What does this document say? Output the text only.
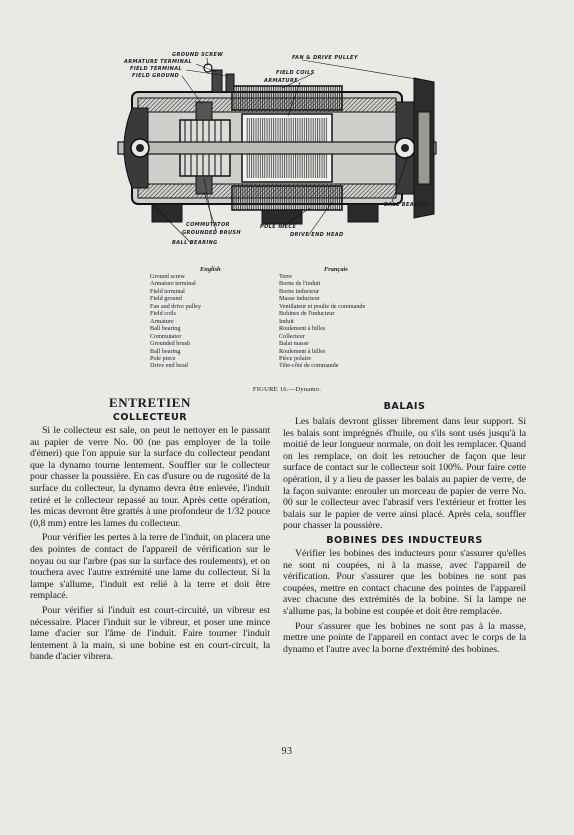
GROUND SCREW
ARMATURE TERMINAL
FIELD TERMINAL
FIELD GROUND
FAN & DRIVE PULLEY
FIELD COILS
ARMATURE
BALL BEARING
COMMUTATOR
GROUNDED BRUSH
BALL BEARING
POLE PIECE
DRIVE END HEAD
English	Français
Ground screw
Armature terminal
Field terminal
Field ground
Fan and drive pulley
Field coils
Armature
Ball bearing
Commutator
Grounded brush
Ball bearing
Pole piece
Drive end head
Terre
Borne de l'induit
Borne inducteur
Masse inducteur
Ventilateur et poulie de commande
Bobines de l'inducteur
Induit
Roulement à billes
Collecteur
Balai masse
Roulement à billes
Pièce polaire
Tête-côté de commande
FIGURE 16.—Dynamo.
ENTRETIEN
COLLECTEUR

Si le collecteur est sale, on peut le nettoyer en le passant au papier de verre No. 00 (ne pas employer de la toile d'émeri) que l'on appuie sur la surface du collecteur pendant que la dynamo tourne lentement. Souffler sur le collecteur pour chasser la poussière. En cas d'usure ou de rugosité de la surface du collecteur, la dynamo devra être enlevée, l'induit retiré et le collecteur repassé au tour. Après cette opération, les micas devront être grattés à une profondeur de 1/32 pouce (0,8 mm) entre les lames du collecteur.

Pour vérifier les pertes à la terre de l'induit, on placera une des pointes de contact de l'appareil de vérification sur le noyau ou sur l'arbre (pas sur la surface des roulements), et on touchera avec l'autre extrémité une lame du collecteur. Si la lampe s'allume, l'induit est relié à la terre et doit être remplacé.

Pour vérifier si l'induit est court-circuité, un vibreur est nécessaire. Placer l'induit sur le vibreur, et poser une mince lame d'acier sur l'âme de l'induit. Faire tourner l'induit lentement à la main, si une bobine est en court-circuit, la bande d'acier vibrera.

BALAIS

Les balais devront glisser librement dans leur support. Si les balais sont imprégnés d'huile, ou s'ils sont usés jusqu'à la moitié de leur longueur normale, on doit les remplacer. Quand on les remplace, on doit les retoucher de façon que leur surface de contact sur le collecteur soit 100%. Pour faire cette opération, il y a lieu de passer les balais au papier de verre, de la façon suivante: enrouler un morceau de papier de verre No. 00 sur le collecteur avec l'abrasif vers l'extérieur et frotter les balais sur le papier de verre ainsi placé. Après cela, souffler pour chasser la poussière.

BOBINES DES INDUCTEURS

Vérifier les bobines des inducteurs pour s'assurer qu'elles ne sont ni coupées, ni à la masse, avec l'appareil de vérification. Pour s'assurer que les bobines ne sont pas coupées, mettre en contact chacune des pointes de l'appareil avec chacune des extrémités de la bobine. Si la lampe ne s'allume pas, la bobine est coupée et doit être remplacée.

Pour s'assurer que les bobines ne sont pas à la masse, mettre une pointe de l'appareil en contact avec le corps de la dynamo et l'autre avec la borne d'extrémité des bobines.

93
